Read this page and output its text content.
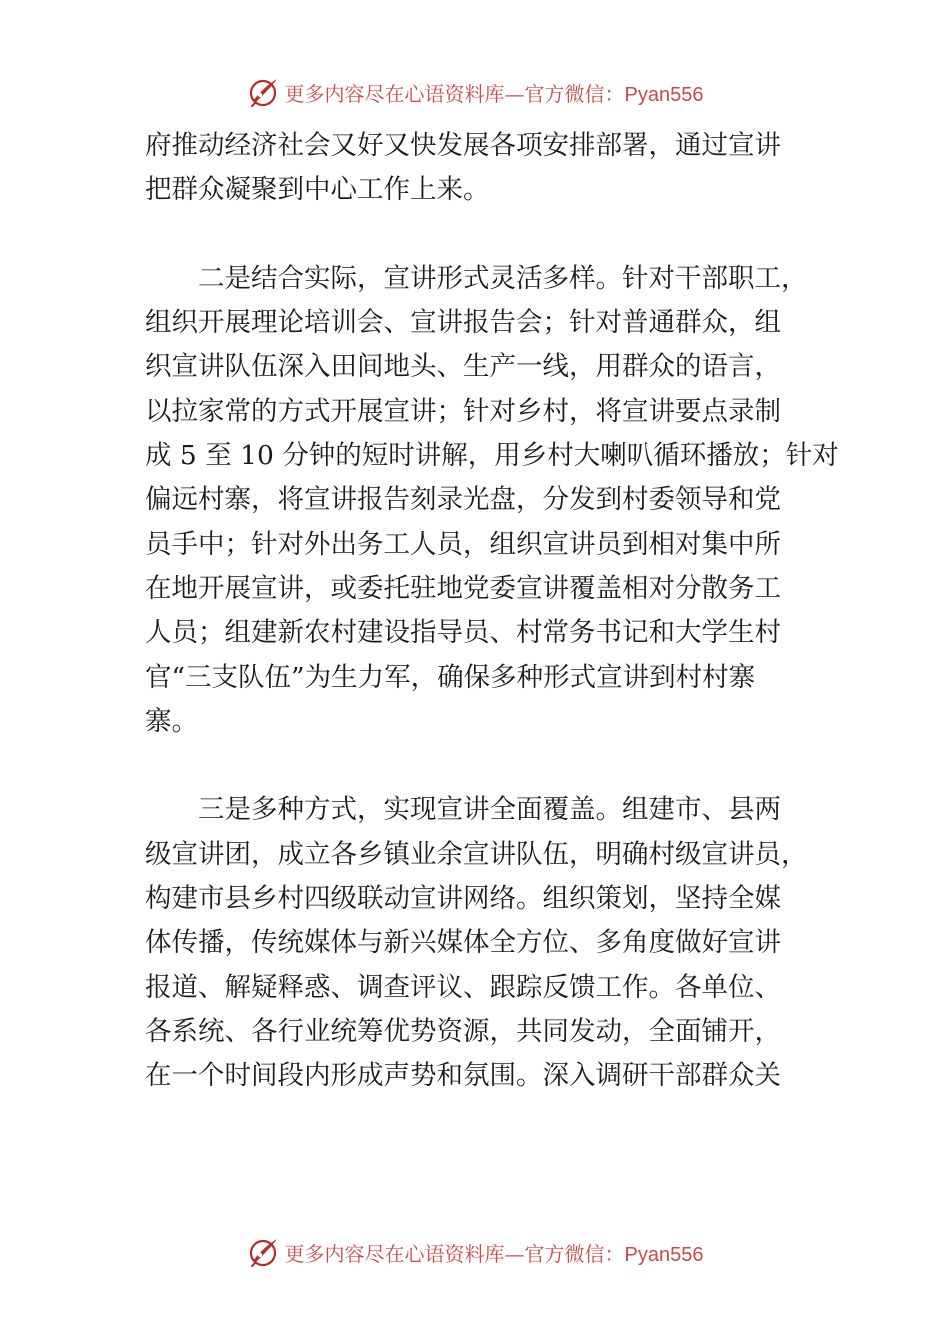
更多内容尽在心语资料库—官方微信：Pyan556
府推动经济社会又好又快发展各项安排部署，通过宣讲
把群众凝聚到中心工作上来。
　　二是结合实际，宣讲形式灵活多样。针对干部职工，
组织开展理论培训会、宣讲报告会；针对普通群众，组
织宣讲队伍深入田间地头、生产一线，用群众的语言，
以拉家常的方式开展宣讲；针对乡村，将宣讲要点录制
成 5 至 10 分钟的短时讲解，用乡村大喇叭循环播放；针对
偏远村寨，将宣讲报告刻录光盘，分发到村委领导和党
员手中；针对外出务工人员，组织宣讲员到相对集中所
在地开展宣讲，或委托驻地党委宣讲覆盖相对分散务工
人员；组建新农村建设指导员、村常务书记和大学生村
官“三支队伍”为生力军，确保多种形式宣讲到村村寨
寨。
　　三是多种方式，实现宣讲全面覆盖。组建市、县两
级宣讲团，成立各乡镇业余宣讲队伍，明确村级宣讲员，
构建市县乡村四级联动宣讲网络。组织策划，坚持全媒
体传播，传统媒体与新兴媒体全方位、多角度做好宣讲
报道、解疑释惑、调查评议、跟踪反馈工作。各单位、
各系统、各行业统筹优势资源，共同发动，全面铺开，
在一个时间段内形成声势和氛围。深入调研干部群众关
更多内容尽在心语资料库—官方微信：Pyan556
